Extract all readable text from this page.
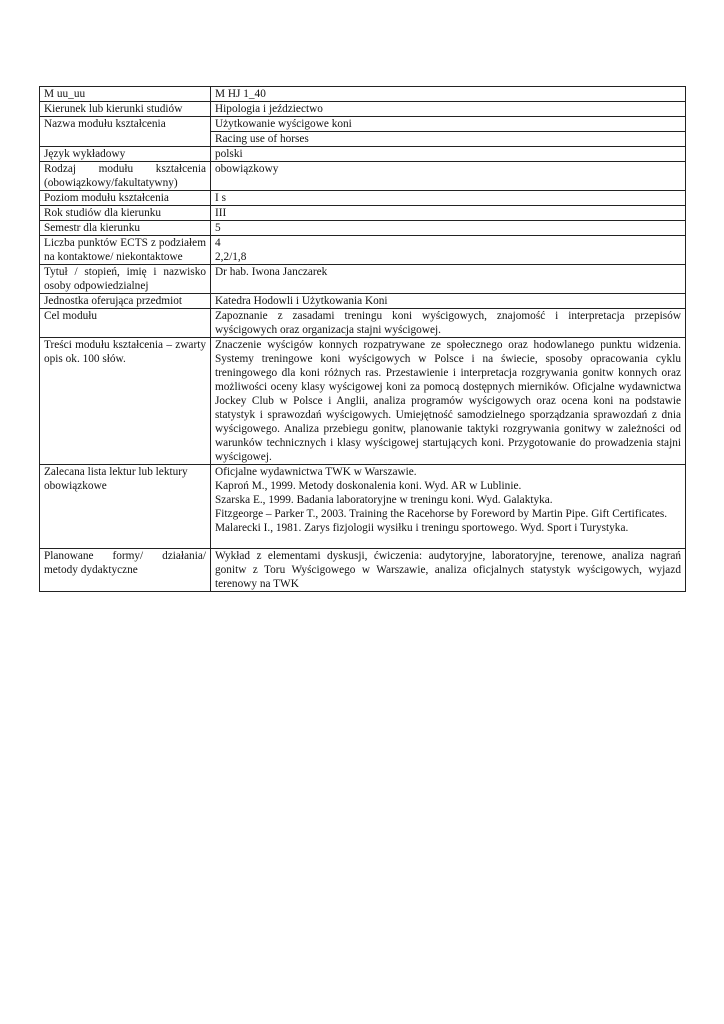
M uu_uu	M HJ 1_40
Kierunek lub kierunki studiów	Hipologia i jeździectwo
Nazwa modułu kształcenia	Użytkowanie wyścigowe koni
	Racing use of horses
Język wykładowy	polski
Rodzaj modułu kształcenia (obowiązkowy/fakultatywny)	obowiązkowy
Poziom modułu kształcenia	I s
Rok studiów dla kierunku	III
Semestr dla kierunku	5
Liczba punktów ECTS z podziałem na kontaktowe/ niekontaktowe	4
2,2/1,8

Tytuł / stopień, imię i nazwisko osoby odpowiedzialnej	Dr hab. Iwona Janczarek
Jednostka oferująca przedmiot	Katedra Hodowli i Użytkowania Koni
Cel modułu	Zapoznanie z zasadami treningu koni wyścigowych, znajomość i interpretacja przepisów wyścigowych oraz organizacja stajni wyścigowej.
Treści modułu kształcenia – zwarty opis ok. 100 słów.	Znaczenie wyścigów konnych rozpatrywane ze społecznego oraz hodowlanego punktu widzenia. Systemy treningowe koni wyścigowych w Polsce i na świecie, sposoby opracowania cyklu treningowego dla koni różnych ras. Przestawienie i interpretacja rozgrywania gonitw konnych oraz możliwości oceny klasy wyścigowej koni za pomocą dostępnych mierników. Oficjalne wydawnictwa Jockey Club w Polsce i Anglii, analiza programów wyścigowych oraz ocena koni na podstawie statystyk i sprawozdań wyścigowych. Umiejętność samodzielnego sporządzania sprawozdań z dnia wyścigowego. Analiza przebiegu gonitw, planowanie taktyki rozgrywania gonitwy w zależności od warunków technicznych i klasy wyścigowej startujących koni. Przygotowanie do prowadzenia stajni wyścigowej.
Zalecana lista lektur lub lektury obowiązkowe	Oficjalne wydawnictwa TWK w Warszawie.
Kaproń M., 1999. Metody doskonalenia koni. Wyd. AR w Lublinie.
Szarska E., 1999. Badania laboratoryjne w treningu koni. Wyd. Galaktyka.
Fitzgeorge – Parker T., 2003. Training the Racehorse by Foreword by Martin Pipe. Gift Certificates.
Malarecki I., 1981. Zarys fizjologii wysiłku i treningu sportowego. Wyd. Sport i Turystyka.

Planowane formy/ działania/ metody dydaktyczne	Wykład z elementami dyskusji, ćwiczenia: audytoryjne, laboratoryjne, terenowe, analiza nagrań gonitw z Toru Wyścigowego w Warszawie, analiza oficjalnych statystyk wyścigowych, wyjazd terenowy na TWK
